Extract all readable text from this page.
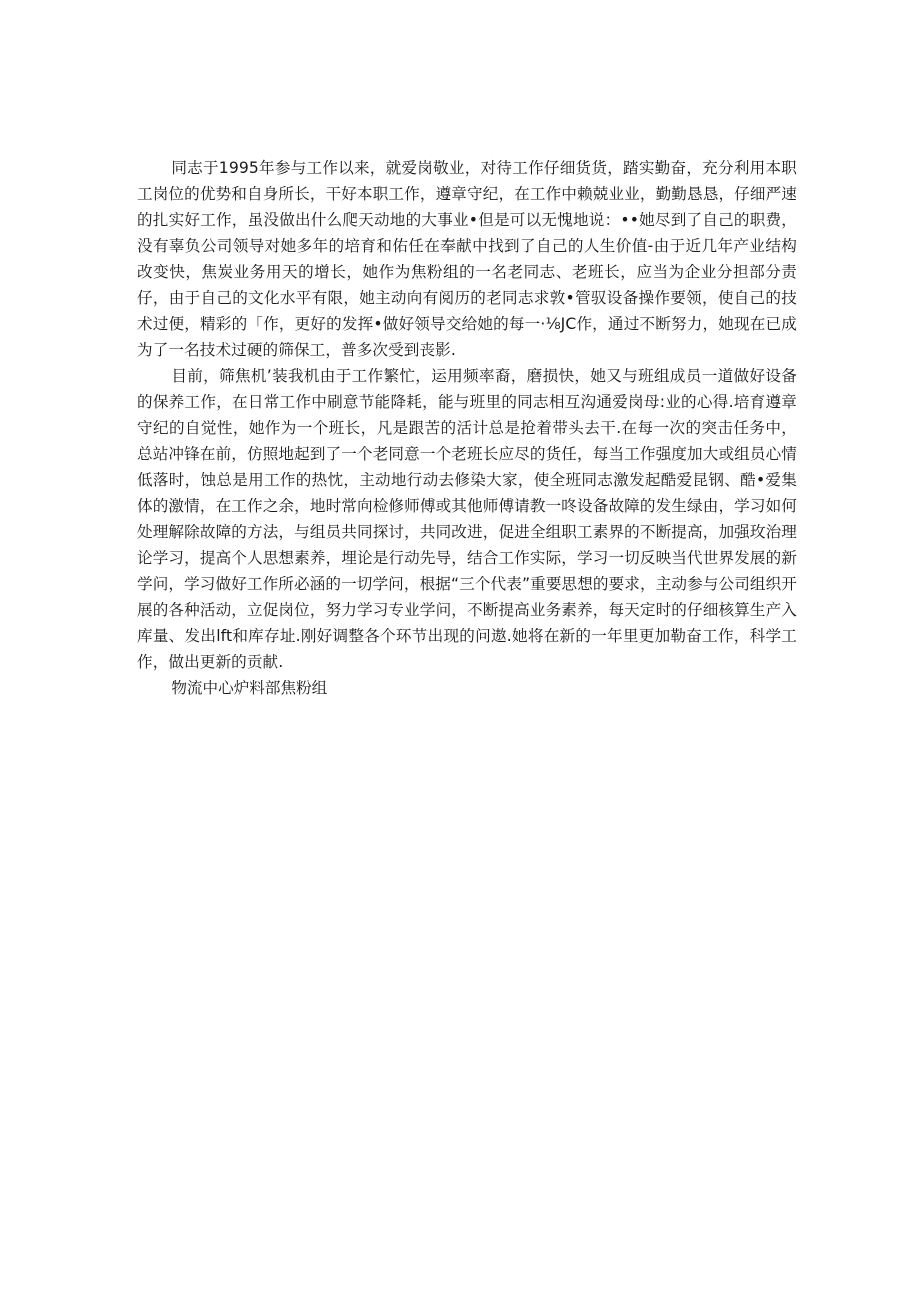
同志于1995年参与工作以来，就爱岗敬业，对待工作仔细货货，踏实勤奋，充分利用本职工岗位的优势和自身所长，干好本职工作，遵章守纪，在工作中赖兢业业，勤勤恳恳，仔细严速的扎实好工作，虽没做出什么爬天动地的大事业•但是可以无愧地说：••她尽到了自己的职费，没有辜负公司领导对她多年的培育和佑任在奉献中找到了自己的人生价值-由于近几年产业结构改变快，焦炭业务用天的增长，她作为焦粉组的一名老同志、老班长，应当为企业分担部分责仔，由于自己的文化水平有限，她主动向有阅历的老同志求敦•管驭设备操作要领，使自己的技术过便，精彩的「作，更好的发挥•做好领导交给她的每一·⅛JC作，通过不断努力，她现在已成为了一名技术过硬的筛保工，普多次受到丧影.

目前，筛焦机’装我机由于工作繁忙，运用频率裔，磨损快，她又与班组成员一道做好设备的保养工作，在日常工作中刷意节能降耗，能与班里的同志相互沟通爱岗母:业的心得.培育遵章守纪的自觉性，她作为一个班长，凡是跟苦的活计总是抢着带头去干.在每一次的突击任务中，总站冲锋在前，仿照地起到了一个老同意一个老班长应尽的货任，每当工作强度加大或组员心情低落时，蚀总是用工作的热忱，主动地行动去修染大家，使全班同志激发起酷爱昆钢、酷•爱集体的激情，在工作之余，地时常向检修师傅或其他师傅请教一咚设备故障的发生绿由，学习如何处理解除故障的方法，与组员共同探讨，共同改进，促进全组职工素界的不断提高，加强玫治理论学习，提高个人思想素养，埋论是行动先导，结合工作实际，学习一切反映当代世界发展的新学问，学习做好工作所必涵的一切学问，根据“三个代表”重要思想的要求，主动参与公司组织开展的各种活动，立促岗位，努力学习专业学问，不断提高业务素养，每天定时的仔细核算生产入库量、发出lft和库存址.刚好调整各个环节出现的问遨.她将在新的一年里更加勒奋工作，科学工作，做出更新的贡献.

物流中心炉料部焦粉组
